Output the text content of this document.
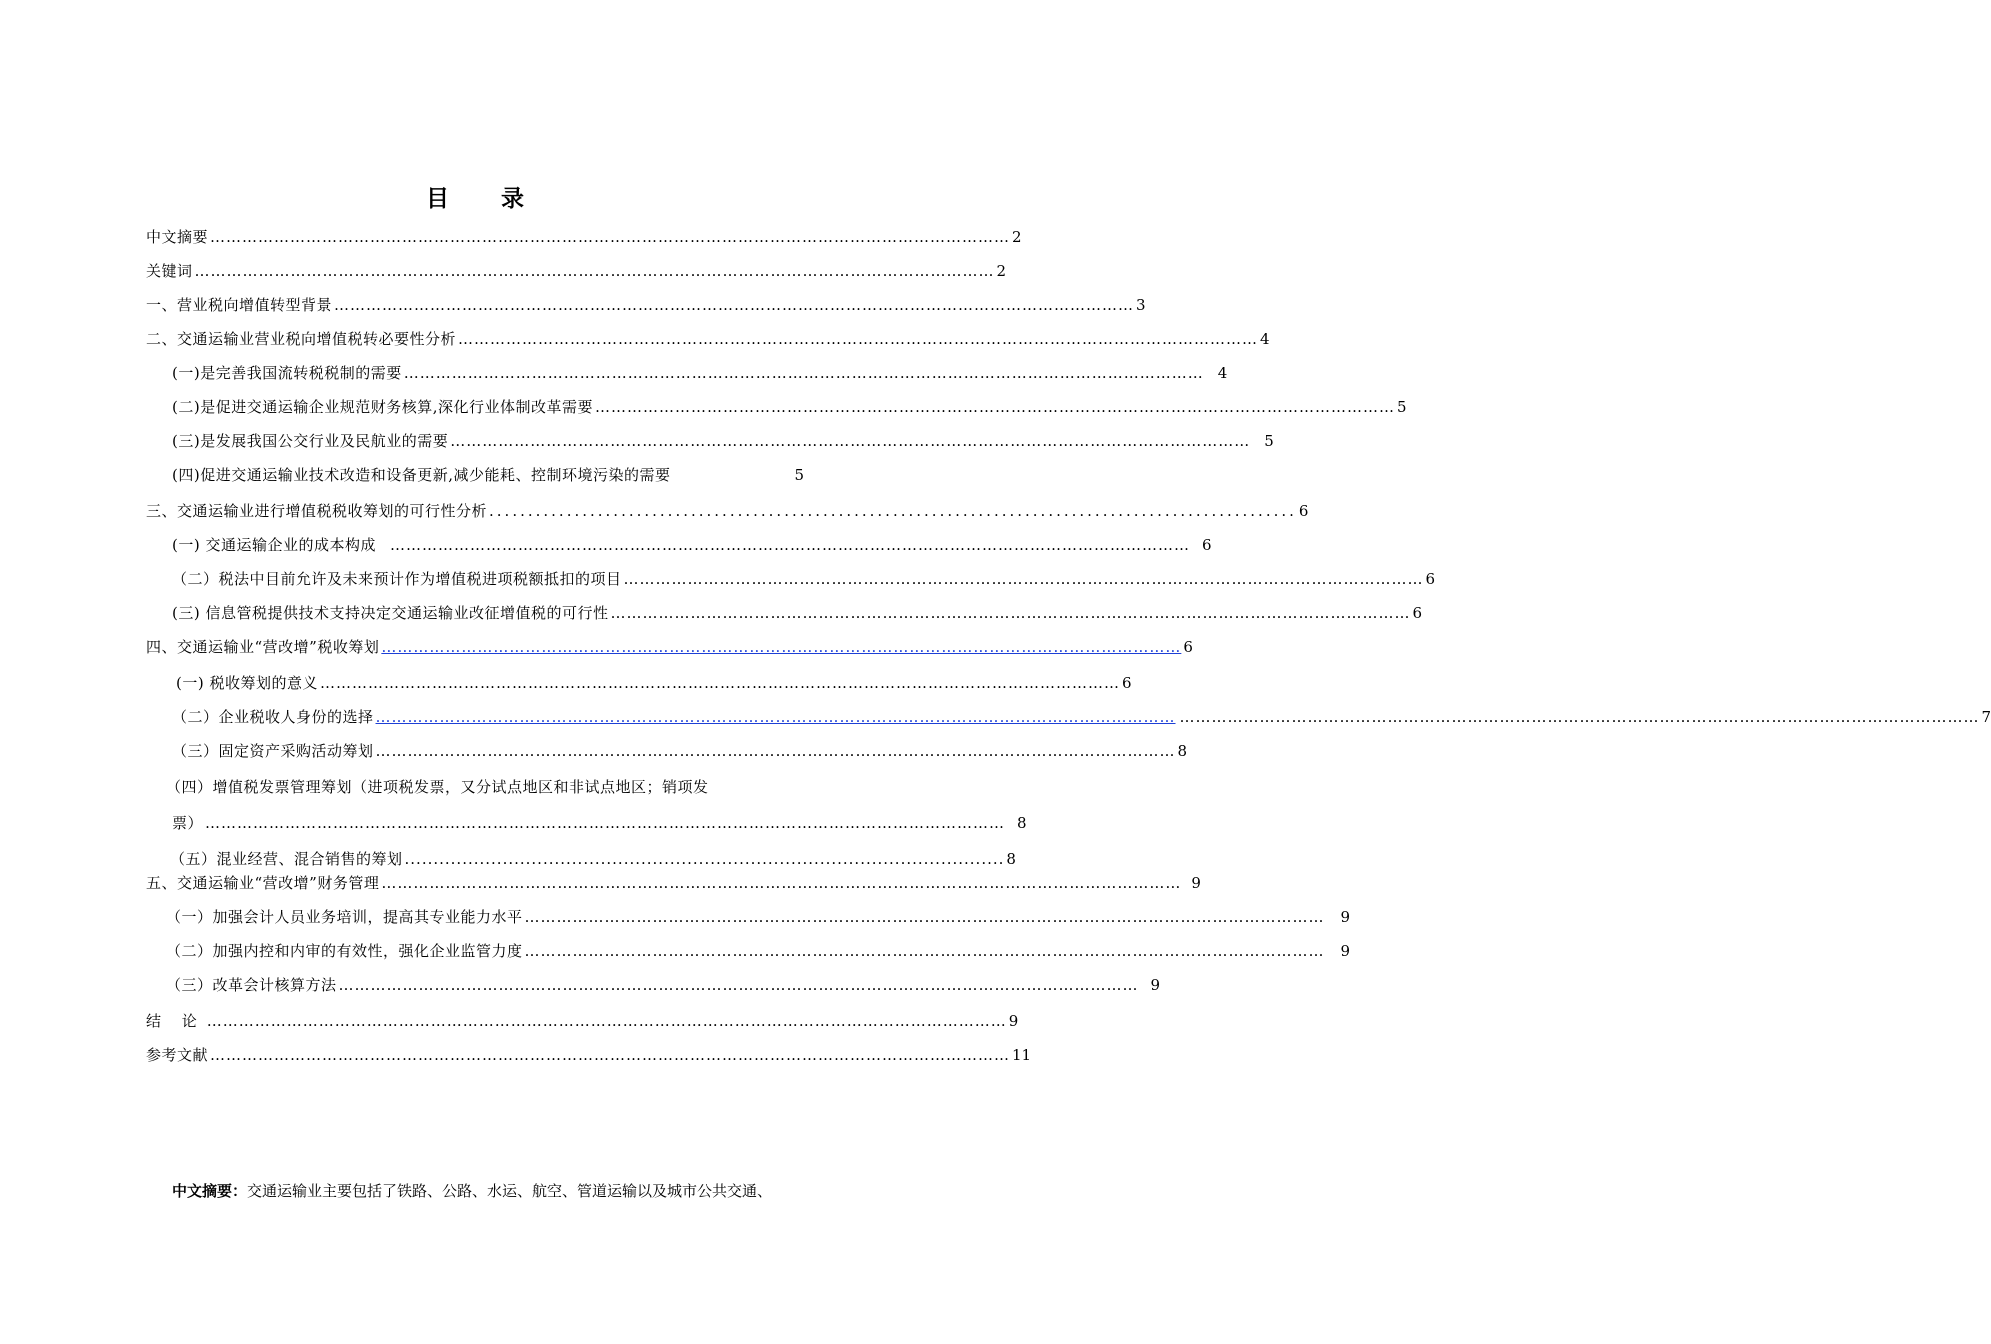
目 录
中文摘要 …………………………………………………………………………………………………………………………………… 2
关键词 …………………………………………………………………………………………………………………………………… 2
一、营业税向增值转型背景 …………………………………………………………………………………………………………………………………… 3
二、交通运输业营业税向增值税转必要性分析 …………………………………………………………………………………………………………………………………… 4
(一)是完善我国流转税税制的需要 …………………………………………………………………………………………………………………………………… 4
(二)是促进交通运输企业规范财务核算,深化行业体制改革需要 …………………………………………………………………………………………………………………………………… 5
(三)是发展我国公交行业及民航业的需要 …………………………………………………………………………………………………………………………………… 5
(四)促进交通运输业技术改造和设备更新,减少能耗、控制环境污染的需要	5
三、交通运输业进行增值税税收筹划的可行性分析 ........................................................................................................ 6
(一) 交通运输企业的成本构成 …………………………………………………………………………………………………………………………………… 6
（二）税法中目前允许及未来预计作为增值税进项税额抵扣的项目 …………………………………………………………………………………………………………………………………… 6
(三) 信息管税提供技术支持决定交通运输业改征增值税的可行性 …………………………………………………………………………………………………………………………………… 6
四、交通运输业“营改增”税收筹划 …………………………………………………………………………………………………………………………………… 6
(一) 税收筹划的意义 …………………………………………………………………………………………………………………………………… 6
（二）企业税收人身份的选择 …………………………………………………………………………………………………………………………………… …………………………………………………………………………………………………………………………………… 7
（三）固定资产采购活动筹划 …………………………………………………………………………………………………………………………………… 8
（四）增值税发票管理筹划（进项税发票，又分试点地区和非试点地区；销项发
票） …………………………………………………………………………………………………………………………………… 8
（五）混业经营、混合销售的筹划 ........................................................................................................ 8
五、交通运输业“营改增”财务管理 …………………………………………………………………………………………………………………………………… 9
（一）加强会计人员业务培训，提高其专业能力水平 …………………………………………………………………………………………………………………………………… 9
（二）加强内控和内审的有效性，强化企业监管力度 …………………………………………………………………………………………………………………………………… 9
（三）改革会计核算方法 …………………………………………………………………………………………………………………………………… 9
结 论 …………………………………………………………………………………………………………………………………… 9
参考文献 …………………………………………………………………………………………………………………………………… 11
中文摘要：交通运输业主要包括了铁路、公路、水运、航空、管道运输以及城市公共交通、
